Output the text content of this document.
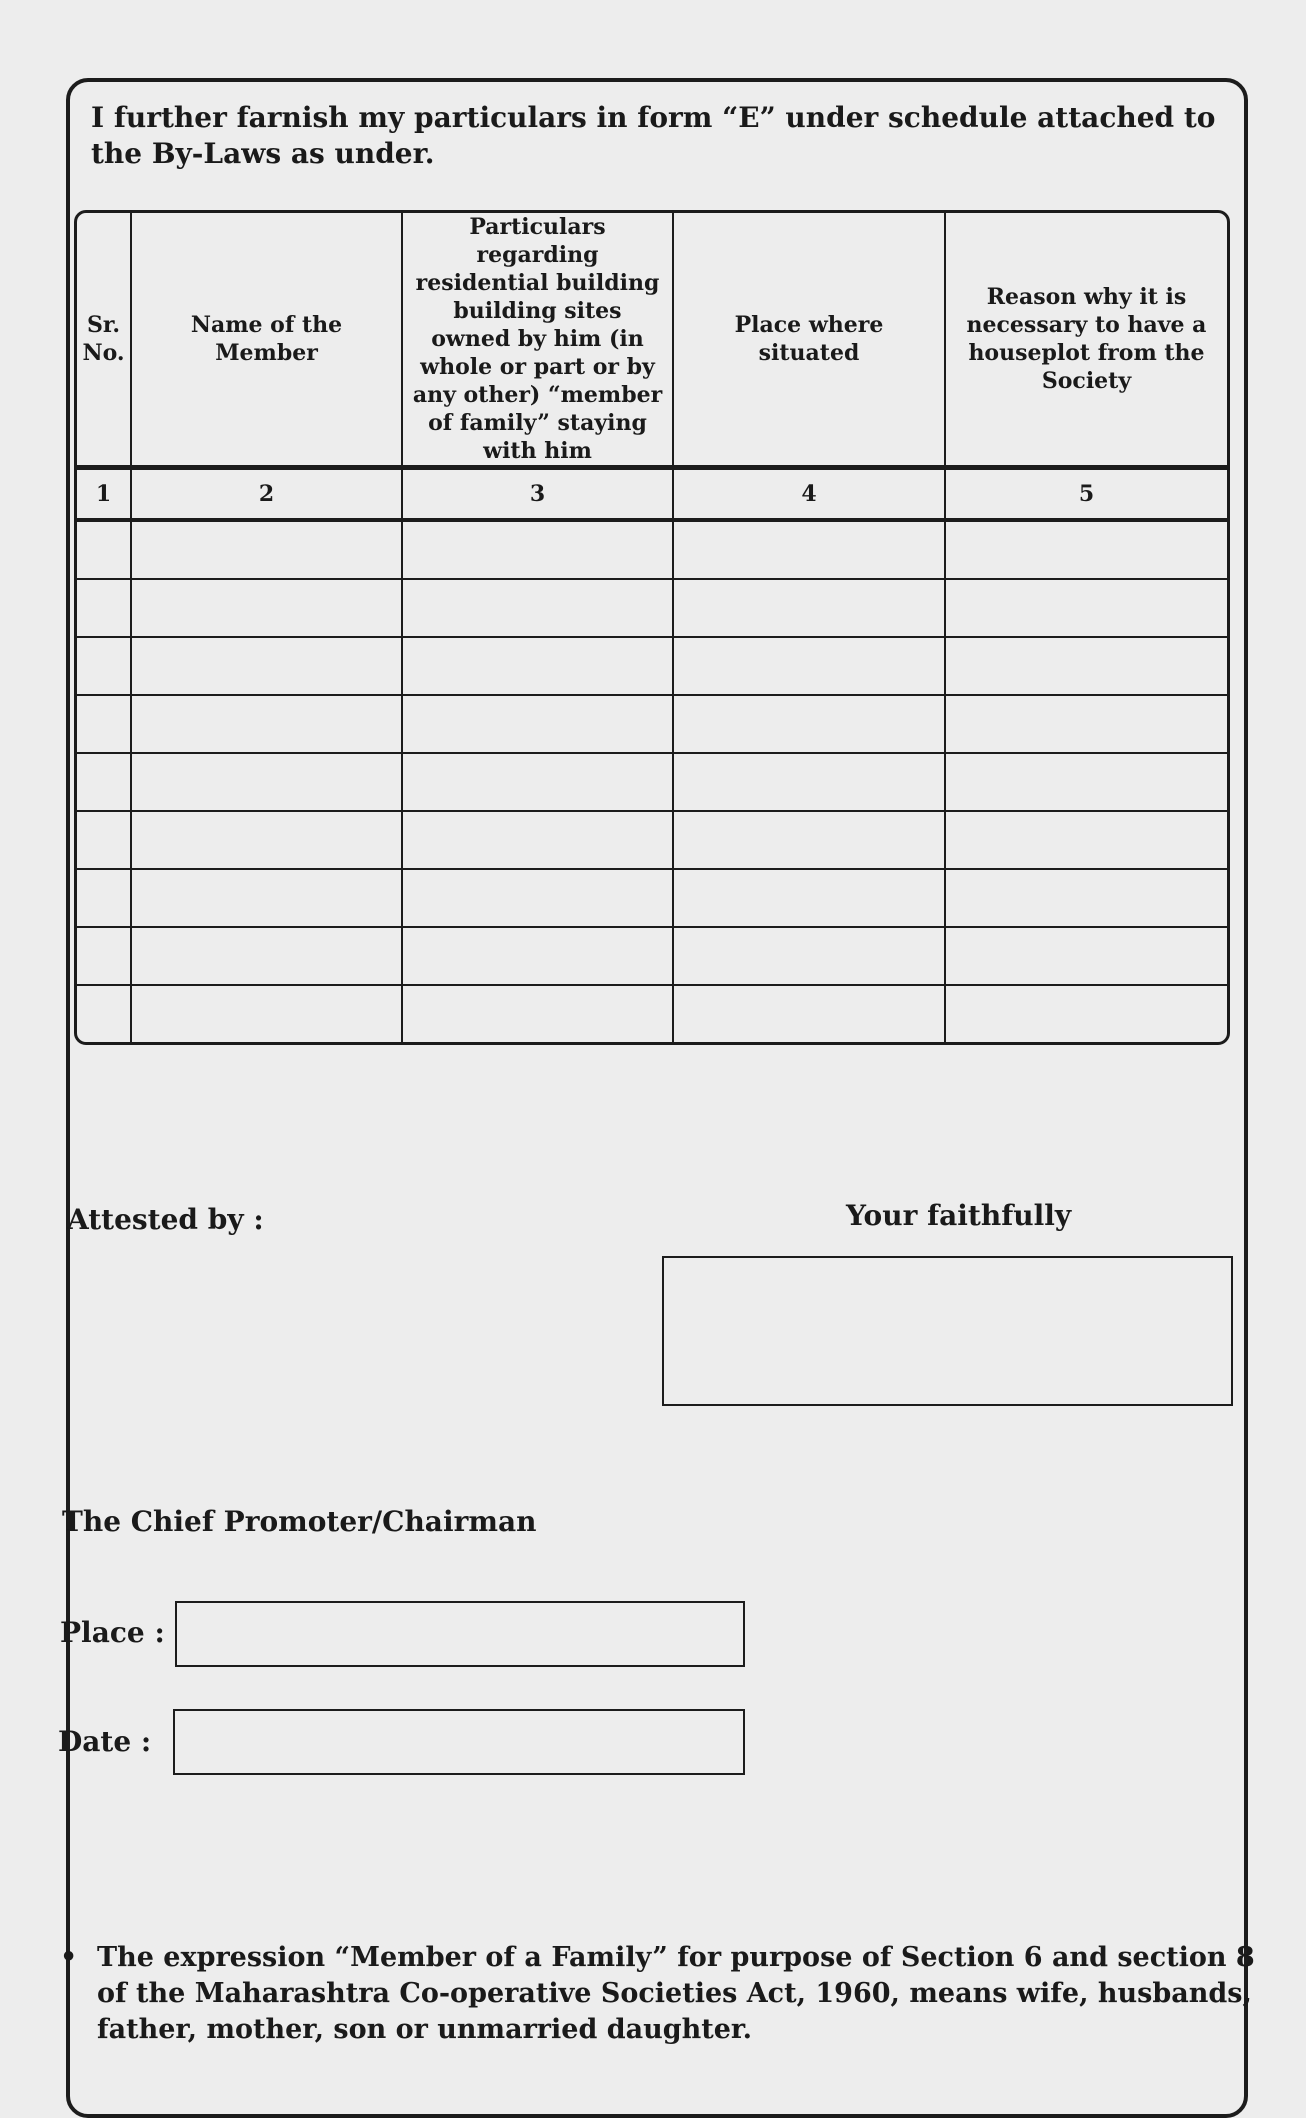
I further farnish my particulars in form “E” under schedule attached to the By-Laws as under.
Sr. No.	Name of the Member	Particulars regarding residential building building sites owned by him (in whole or part or by any other) “member of family” staying with him	Place where situated	Reason why it is necessary to have a houseplot from the Society
1	2	3	4	5

Attested by :	Your faithfully
The Chief Promoter/Chairman
Place :
Date :
• The expression “Member of a Family” for purpose of Section 6 and section 8 of the Maharashtra Co-operative Societies Act, 1960, means wife, husbands, father, mother, son or unmarried daughter.
